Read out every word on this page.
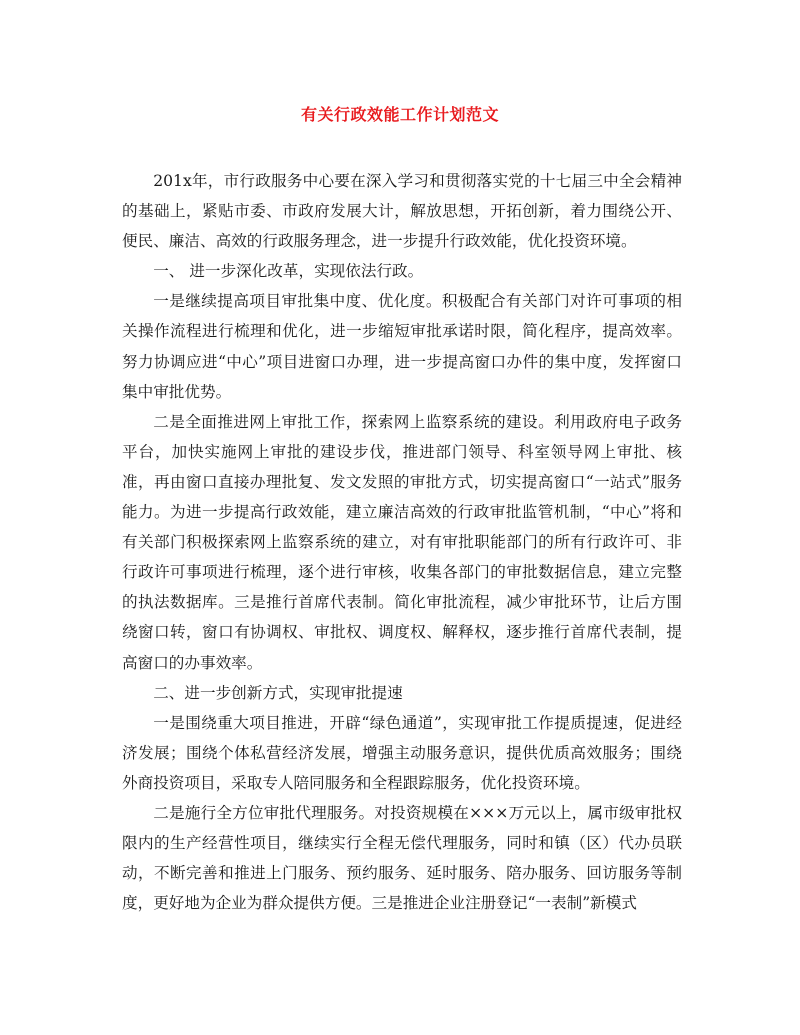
有关行政效能工作计划范文

201x年，市行政服务中心要在深入学习和贯彻落实党的十七届三中全会精神的基础上，紧贴市委、市政府发展大计，解放思想，开拓创新，着力围绕公开、便民、廉洁、高效的行政服务理念，进一步提升行政效能，优化投资环境。

一、 进一步深化改革，实现依法行政。

一是继续提高项目审批集中度、优化度。积极配合有关部门对许可事项的相关操作流程进行梳理和优化，进一步缩短审批承诺时限，简化程序，提高效率。努力协调应进“中心”项目进窗口办理，进一步提高窗口办件的集中度，发挥窗口集中审批优势。

二是全面推进网上审批工作，探索网上监察系统的建设。利用政府电子政务平台，加快实施网上审批的建设步伐，推进部门领导、科室领导网上审批、核准，再由窗口直接办理批复、发文发照的审批方式，切实提高窗口“一站式”服务能力。为进一步提高行政效能，建立廉洁高效的行政审批监管机制，“中心”将和有关部门积极探索网上监察系统的建立，对有审批职能部门的所有行政许可、非行政许可事项进行梳理，逐个进行审核，收集各部门的审批数据信息，建立完整的执法数据库。三是推行首席代表制。简化审批流程，减少审批环节，让后方围绕窗口转，窗口有协调权、审批权、调度权、解释权，逐步推行首席代表制，提高窗口的办事效率。

二、进一步创新方式，实现审批提速

一是围绕重大项目推进，开辟“绿色通道”，实现审批工作提质提速，促进经济发展；围绕个体私营经济发展，增强主动服务意识，提供优质高效服务；围绕外商投资项目，采取专人陪同服务和全程跟踪服务，优化投资环境。

二是施行全方位审批代理服务。对投资规模在×××万元以上，属市级审批权限内的生产经营性项目，继续实行全程无偿代理服务，同时和镇（区）代办员联动，不断完善和推进上门服务、预约服务、延时服务、陪办服务、回访服务等制度，更好地为企业为群众提供方便。三是推进企业注册登记“一表制”新模式
